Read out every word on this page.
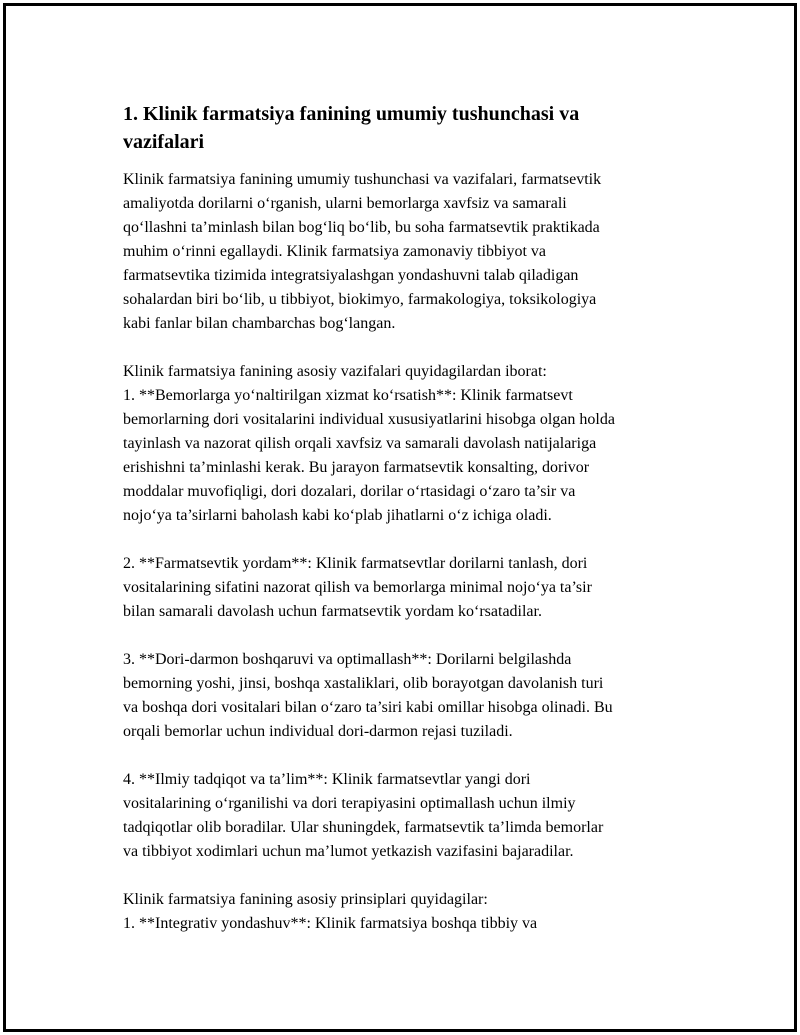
1. Klinik farmatsiya fanining umumiy tushunchasi va
vazifalari

Klinik farmatsiya fanining umumiy tushunchasi va vazifalari, farmatsevtik
amaliyotda dorilarni o‘rganish, ularni bemorlarga xavfsiz va samarali
qo‘llashni ta’minlash bilan bog‘liq bo‘lib, bu soha farmatsevtik praktikada
muhim o‘rinni egallaydi. Klinik farmatsiya zamonaviy tibbiyot va
farmatsevtika tizimida integratsiyalashgan yondashuvni talab qiladigan
sohalardan biri bo‘lib, u tibbiyot, biokimyo, farmakologiya, toksikologiya
kabi fanlar bilan chambarchas bog‘langan.

Klinik farmatsiya fanining asosiy vazifalari quyidagilardan iborat:
1. **Bemorlarga yo‘naltirilgan xizmat ko‘rsatish**: Klinik farmatsevt
bemorlarning dori vositalarini individual xususiyatlarini hisobga olgan holda
tayinlash va nazorat qilish orqali xavfsiz va samarali davolash natijalariga
erishishni ta’minlashi kerak. Bu jarayon farmatsevtik konsalting, dorivor
moddalar muvofiqligi, dori dozalari, dorilar o‘rtasidagi o‘zaro ta’sir va
nojo‘ya ta’sirlarni baholash kabi ko‘plab jihatlarni o‘z ichiga oladi.

2. **Farmatsevtik yordam**: Klinik farmatsevtlar dorilarni tanlash, dori
vositalarining sifatini nazorat qilish va bemorlarga minimal nojo‘ya ta’sir
bilan samarali davolash uchun farmatsevtik yordam ko‘rsatadilar.

3. **Dori-darmon boshqaruvi va optimallash**: Dorilarni belgilashda
bemorning yoshi, jinsi, boshqa xastaliklari, olib borayotgan davolanish turi
va boshqa dori vositalari bilan o‘zaro ta’siri kabi omillar hisobga olinadi. Bu
orqali bemorlar uchun individual dori-darmon rejasi tuziladi.

4. **Ilmiy tadqiqot va ta’lim**: Klinik farmatsevtlar yangi dori
vositalarining o‘rganilishi va dori terapiyasini optimallash uchun ilmiy
tadqiqotlar olib boradilar. Ular shuningdek, farmatsevtik ta’limda bemorlar
va tibbiyot xodimlari uchun ma’lumot yetkazish vazifasini bajaradilar.

Klinik farmatsiya fanining asosiy prinsiplari quyidagilar:
1. **Integrativ yondashuv**: Klinik farmatsiya boshqa tibbiy va
